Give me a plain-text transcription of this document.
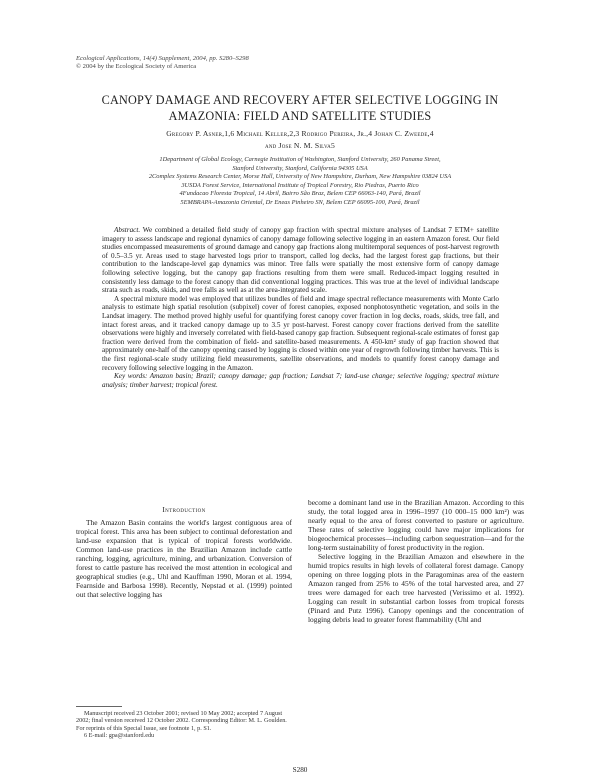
Ecological Applications, 14(4) Supplement, 2004, pp. S280–S298
© 2004 by the Ecological Society of America
CANOPY DAMAGE AND RECOVERY AFTER SELECTIVE LOGGING IN
AMAZONIA: FIELD AND SATELLITE STUDIES
Gregory P. Asner,1,6 Michael Keller,2,3 Rodrigo Pereira, Jr.,4 Johan C. Zweede,4
and Jose N. M. Silva5
1Department of Global Ecology, Carnegie Institution of Washington, Stanford University, 260 Panama Street,
Stanford University, Stanford, California 94305 USA
2Complex Systems Research Center, Morse Hall, University of New Hampshire, Durham, New Hampshire 03824 USA
3USDA Forest Service, International Institute of Tropical Forestry, Rio Piedras, Puerto Rico
4Fundacao Floresta Tropical, 14 Abril, Bairro São Braz, Belem CEP 66063-140, Pará, Brazil
5EMBRAPA-Amazonia Oriental, Dr Eneas Pinheiro SN, Belem CEP 66095-100, Pará, Brazil

Abstract. We combined a detailed field study of canopy gap fraction with spectral mixture analyses of Landsat 7 ETM+ satellite imagery to assess landscape and regional dynamics of canopy damage following selective logging in an eastern Amazon forest. Our field studies encompassed measurements of ground damage and canopy gap fractions along multitemporal sequences of post-harvest regrowth of 0.5–3.5 yr. Areas used to stage harvested logs prior to transport, called log decks, had the largest forest gap fractions, but their contribution to the landscape-level gap dynamics was minor. Tree falls were spatially the most extensive form of canopy damage following selective logging, but the canopy gap fractions resulting from them were small. Reduced-impact logging resulted in consistently less damage to the forest canopy than did conventional logging practices. This was true at the level of individual landscape strata such as roads, skids, and tree falls as well as at the area-integrated scale.

A spectral mixture model was employed that utilizes bundles of field and image spectral reflectance measurements with Monte Carlo analysis to estimate high spatial resolution (subpixel) cover of forest canopies, exposed nonphotosynthetic vegetation, and soils in the Landsat imagery. The method proved highly useful for quantifying forest canopy cover fraction in log decks, roads, skids, tree fall, and intact forest areas, and it tracked canopy damage up to 3.5 yr post-harvest. Forest canopy cover fractions derived from the satellite observations were highly and inversely correlated with field-based canopy gap fraction. Subsequent regional-scale estimates of forest gap fraction were derived from the combination of field- and satellite-based measurements. A 450-km² study of gap fraction showed that approximately one-half of the canopy opening caused by logging is closed within one year of regrowth following timber harvests. This is the first regional-scale study utilizing field measurements, satellite observations, and models to quantify forest canopy damage and recovery following selective logging in the Amazon.

Key words: Amazon basin; Brazil; canopy damage; gap fraction; Landsat 7; land-use change; selective logging; spectral mixture analysis; timber harvest; tropical forest.

Introduction

The Amazon Basin contains the world's largest contiguous area of tropical forest. This area has been subject to continual deforestation and land-use expansion that is typical of tropical forests worldwide. Common land-use practices in the Brazilian Amazon include cattle ranching, logging, agriculture, mining, and urbanization. Conversion of forest to cattle pasture has received the most attention in ecological and geographical studies (e.g., Uhl and Kauffman 1990, Moran et al. 1994, Fearnside and Barbosa 1998). Recently, Nepstad et al. (1999) pointed out that selective logging has

become a dominant land use in the Brazilian Amazon. According to this study, the total logged area in 1996–1997 (10 000–15 000 km²) was nearly equal to the area of forest converted to pasture or agriculture. These rates of selective logging could have major implications for biogeochemical processes—including carbon sequestration—and for the long-term sustainability of forest productivity in the region.

Selective logging in the Brazilian Amazon and elsewhere in the humid tropics results in high levels of collateral forest damage. Canopy opening on three logging plots in the Paragominas area of the eastern Amazon ranged from 25% to 45% of the total harvested area, and 27 trees were damaged for each tree harvested (Verissimo et al. 1992). Logging can result in substantial carbon losses from tropical forests (Pinard and Putz 1996). Canopy openings and the concentration of logging debris lead to greater forest flammability (Uhl and

Manuscript received 23 October 2001; revised 10 May 2002; accepted 7 August 2002; final version received 12 October 2002. Corresponding Editor: M. L. Goulden. For reprints of this Special Issue, see footnote 1, p. S1.

6 E-mail: gpa@stanford.edu

S280
